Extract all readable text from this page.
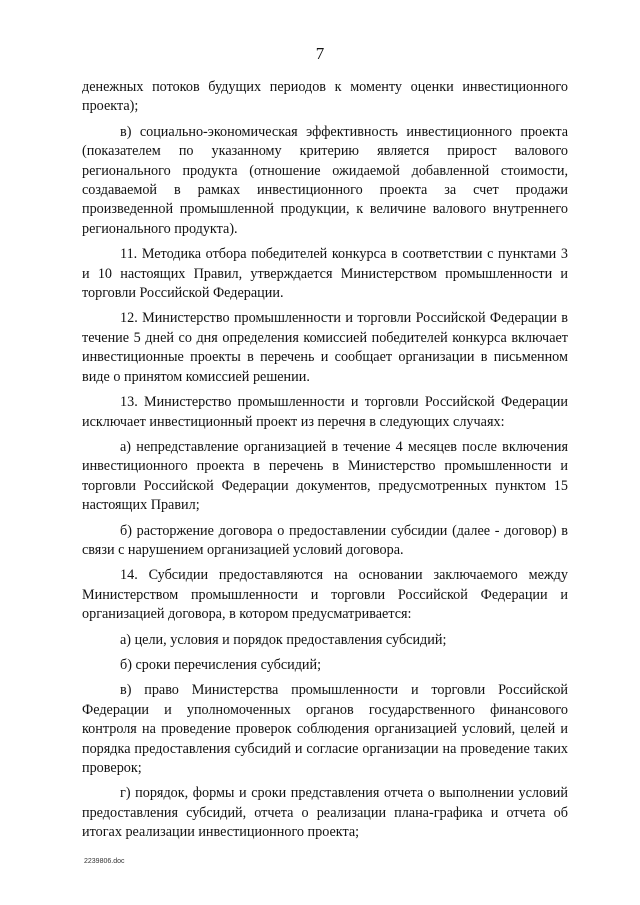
7

денежных потоков будущих периодов к моменту оценки инвестиционного проекта);

в) социально-экономическая эффективность инвестиционного проекта (показателем по указанному критерию является прирост валового регионального продукта (отношение ожидаемой добавленной стоимости, создаваемой в рамках инвестиционного проекта за счет продажи произведенной промышленной продукции, к величине валового внутреннего регионального продукта).

11. Методика отбора победителей конкурса в соответствии с пунктами 3 и 10 настоящих Правил, утверждается Министерством промышленности и торговли Российской Федерации.

12. Министерство промышленности и торговли Российской Федерации в течение 5 дней со дня определения комиссией победителей конкурса включает инвестиционные проекты в перечень и сообщает организации в письменном виде о принятом комиссией решении.

13. Министерство промышленности и торговли Российской Федерации исключает инвестиционный проект из перечня в следующих случаях:

а) непредставление организацией в течение 4 месяцев после включения инвестиционного проекта в перечень в Министерство промышленности и торговли Российской Федерации документов, предусмотренных пунктом 15 настоящих Правил;

б) расторжение договора о предоставлении субсидии (далее - договор) в связи с нарушением организацией условий договора.

14. Субсидии предоставляются на основании заключаемого между Министерством промышленности и торговли Российской Федерации и организацией договора, в котором предусматривается:

а) цели, условия и порядок предоставления субсидий;

б) сроки перечисления субсидий;

в) право Министерства промышленности и торговли Российской Федерации и уполномоченных органов государственного финансового контроля на проведение проверок соблюдения организацией условий, целей и порядка предоставления субсидий и согласие организации на проведение таких проверок;

г) порядок, формы и сроки представления отчета о выполнении условий предоставления субсидий, отчета о реализации плана-графика и отчета об итогах реализации инвестиционного проекта;

2239806.doc
